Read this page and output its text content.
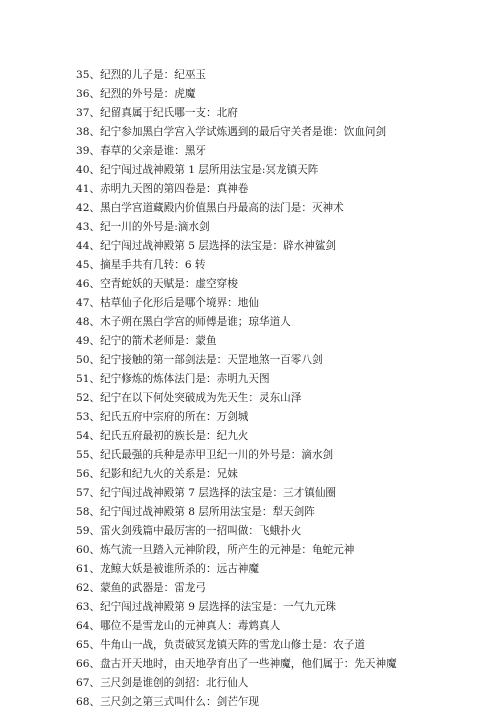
35、纪烈的儿子是：纪巫玉
36、纪烈的外号是：虎魔
37、纪留真属于纪氏哪一支：北府
38、纪宁参加黑白学宫入学试炼遇到的最后守关者是谁：饮血问剑
39、春草的父亲是谁：黑牙
40、纪宁闯过战神殿第 1 层所用法宝是:冥龙镇天阵
41、赤明九天图的第四卷是：真神卷
42、黑白学宫道藏殿内价值黑白丹最高的法门是：灭神术
43、纪一川的外号是:滴水剑
44、纪宁闯过战神殿第 5 层选择的法宝是：辟水神鲨剑
45、摘星手共有几转：6 转
46、空青蛇妖的天赋是：虚空穿梭
47、枯草仙子化形后是哪个境界：地仙
48、木子朔在黑白学宫的师傅是谁；琼华道人
49、纪宁的箭术老师是：蒙鱼
50、纪宁接触的第一部剑法是：天罡地煞一百零八剑
51、纪宁修炼的炼体法门是：赤明九天图
52、纪宁在以下何处突破成为先天生：灵东山泽
53、纪氏五府中宗府的所在：万剑城
54、纪氏五府最初的族长是：纪九火
55、纪氏最强的兵种是赤甲卫纪一川的外号是：滴水剑
56、纪影和纪九火的关系是：兄妹
57、纪宁闯过战神殿第 7 层选择的法宝是：三才镇仙圈
58、纪宁闯过战神殿第 8 层所用法宝是：犁天剑阵
59、雷火剑残篇中最厉害的一招叫做：飞蛾扑火
60、炼气流一旦踏入元神阶段，所产生的元神是：龟蛇元神
61、龙鲸大妖是被谁所杀的：远古神魔
62、蒙鱼的武器是：雷龙弓
63、纪宁闯过战神殿第 9 层选择的法宝是：一气九元珠
64、哪位不是雪龙山的元神真人：毒鸩真人
65、牛角山一战，负责破冥龙镇天阵的雪龙山修士是：农子道
66、盘古开天地时，由天地孕育出了一些神魔，他们属于：先天神魔
67、三尺剑是谁创的剑招：北行仙人
68、三尺剑之第三式叫什么：剑芒乍现
